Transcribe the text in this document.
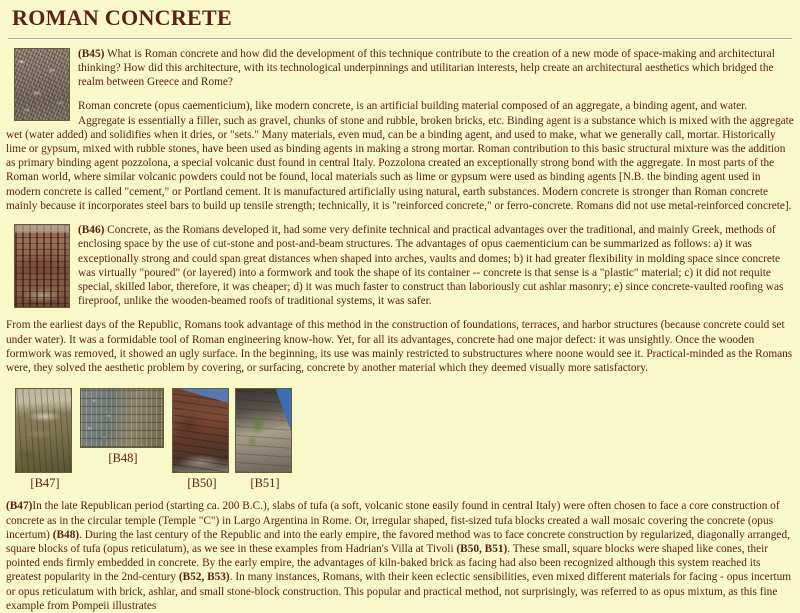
ROMAN CONCRETE

(B45) What is Roman concrete and how did the development of this technique contribute to the creation of a new mode of space-making and architectural thinking? How did this architecture, with its technological underpinnings and utilitarian interests, help create an architectural aesthetics which bridged the realm between Greece and Rome?

Roman concrete (opus caementicium), like modern concrete, is an artificial building material composed of an aggregate, a binding agent, and water. Aggregate is essentially a filler, such as gravel, chunks of stone and rubble, broken bricks, etc. Binding agent is a substance which is mixed with the aggregate wet (water added) and solidifies when it dries, or "sets." Many materials, even mud, can be a binding agent, and used to make, what we generally call, mortar. Historically lime or gypsum, mixed with rubble stones, have been used as binding agents in making a strong mortar. Roman contribution to this basic structural mixture was the addition as primary binding agent pozzolona, a special volcanic dust found in central Italy. Pozzolona created an exceptionally strong bond with the aggregate. In most parts of the Roman world, where similar volcanic powders could not be found, local materials such as lime or gypsum were used as binding agents [N.B. the binding agent used in modern concrete is called "cement," or Portland cement. It is manufactured artificially using natural, earth substances. Modern concrete is stronger than Roman concrete mainly because it incorporates steel bars to build up tensile strength; technically, it is "reinforced concrete," or ferro-concrete. Romans did not use metal-reinforced concrete].

(B46) Concrete, as the Romans developed it, had some very definite technical and practical advantages over the traditional, and mainly Greek, methods of enclosing space by the use of cut-stone and post-and-beam structures. The advantages of opus caementicium can be summarized as follows: a) it was exceptionally strong and could span great distances when shaped into arches, vaults and domes; b) it had greater flexibility in molding space since concrete was virtually "poured" (or layered) into a formwork and took the shape of its container -- concrete is that sense is a "plastic" material; c) it did not requite special, skilled labor, therefore, it was cheaper; d) it was much faster to construct than laboriously cut ashlar masonry; e) since concrete-vaulted roofing was fireproof, unlike the wooden-beamed roofs of traditional systems, it was safer.

From the earliest days of the Republic, Romans took advantage of this method in the construction of foundations, terraces, and harbor structures (because concrete could set under water). It was a formidable tool of Roman engineering know-how. Yet, for all its advantages, concrete had one major defect: it was unsightly. Once the wooden formwork was removed, it showed an ugly surface. In the beginning, its use was mainly restricted to substructures where noone would see it. Practical-minded as the Romans were, they solved the aesthetic problem by covering, or surfacing, concrete by another material which they deemed visually more satisfactory.

[B47]
[B48]
[B50]	[B51]

(B47)In the late Republican period (starting ca. 200 B.C.), slabs of tufa (a soft, volcanic stone easily found in central Italy) were often chosen to face a core construction of concrete as in the circular temple (Temple "C") in Largo Argentina in Rome. Or, irregular shaped, fist-sized tufa blocks created a wall mosaic covering the concrete (opus incertum) (B48). During the last century of the Republic and into the early empire, the favored method was to face concrete construction by regularized, diagonally arranged, square blocks of tufa (opus reticulatum), as we see in these examples from Hadrian's Villa at Tivoli (B50, B51). These small, square blocks were shaped like cones, their pointed ends firmly embedded in concrete. By the early empire, the advantages of kiln-baked brick as facing had also been recognized although this system reached its greatest popularity in the 2nd-century (B52, B53). In many instances, Romans, with their keen eclectic sensibilities, even mixed different materials for facing - opus incertum or opus reticulatum with brick, ashlar, and small stone-block construction. This popular and practical method, not surprisingly, was referred to as opus mixtum, as this fine example from Pompeii illustrates
